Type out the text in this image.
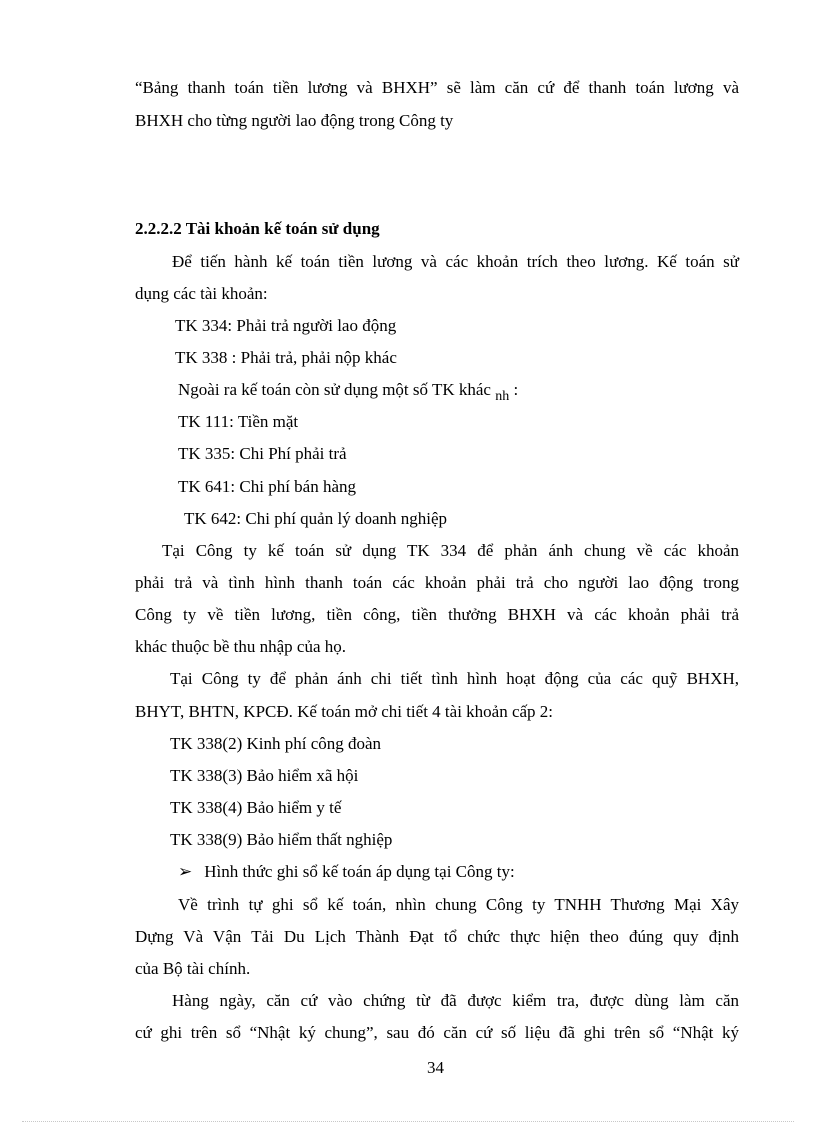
“Bảng thanh toán tiền lương và BHXH” sẽ làm căn cứ để thanh toán lương và
BHXH cho từng người lao động trong Công ty
2.2.2.2 Tài khoản kế toán sử dụng
Để tiến hành kế toán tiền lương và các khoản trích theo lương. Kế toán sử
dụng các tài khoản:
TK 334: Phải trả người lao động
TK 338 : Phải trả, phải nộp khác
Ngoài ra kế toán còn sử dụng một số TK khác $_{nh}$ :
TK 111: Tiền mặt
TK 335: Chi Phí phải trả
TK 641: Chi phí bán hàng
TK 642: Chi phí quản lý doanh nghiệp
Tại Công ty kế toán sử dụng TK 334 để phản ánh chung về các khoản
phải trả và tình hình thanh toán các khoản phải trả cho người lao động trong
Công ty về tiền lương, tiền công, tiền thưởng BHXH và các khoản phải trả
khác thuộc bề thu nhập của họ.
Tại Công ty để phản ánh chi tiết tình hình hoạt động của các quỹ BHXH,
BHYT, BHTN, KPCĐ. Kế toán mở chi tiết 4 tài khoản cấp 2:
TK 338(2) Kinh phí công đoàn
TK 338(3) Bảo hiểm xã hội
TK 338(4) Bảo hiểm y tế
TK 338(9) Bảo hiểm thất nghiệp
➢ Hình thức ghi sổ kế toán áp dụng tại Công ty:
Về trình tự ghi sổ kế toán, nhìn chung Công ty TNHH Thương Mại Xây
Dựng Và Vận Tải Du Lịch Thành Đạt tổ chức thực hiện theo đúng quy định
của Bộ tài chính.
Hàng ngày, căn cứ vào chứng từ đã được kiểm tra, được dùng làm căn
cứ ghi trên sổ “Nhật ký chung”, sau đó căn cứ số liệu đã ghi trên sổ “Nhật ký
34
